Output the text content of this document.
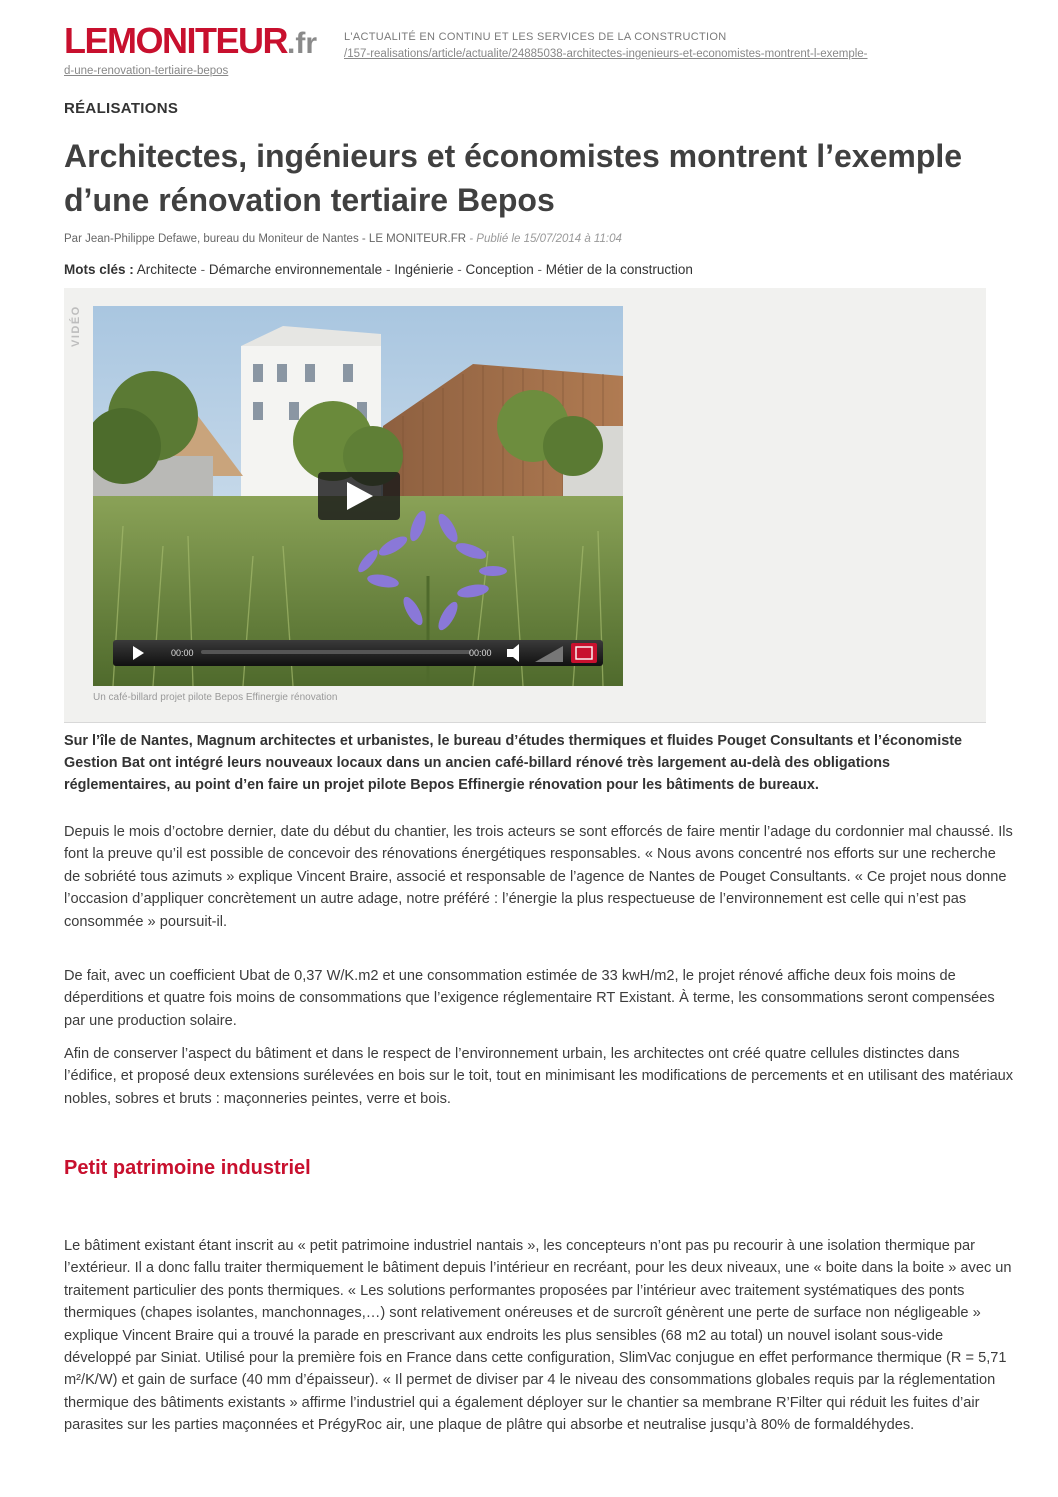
LEMONITEUR.fr L'ACTUALITÉ EN CONTINU ET LES SERVICES DE LA CONSTRUCTION
/157-realisations/article/actualite/24885038-architectes-ingenieurs-et-economistes-montrent-l-exemple-
d-une-renovation-tertiaire-bepos
RÉALISATIONS
Architectes, ingénieurs et économistes montrent l’exemple d’une rénovation tertiaire Bepos
Par Jean-Philippe Defawe, bureau du Moniteur de Nantes - LE MONITEUR.FR - Publié le 15/07/2014 à 11:04
Mots clés : Architecte - Démarche environnementale - Ingénierie - Conception - Métier de la construction
VIDÉO
00:00	00:00
Un café-billard projet pilote Bepos Effinergie rénovation

Sur l’île de Nantes, Magnum architectes et urbanistes, le bureau d’études thermiques et fluides Pouget Consultants et l’économiste Gestion Bat ont intégré leurs nouveaux locaux dans un ancien café-billard rénové très largement au-delà des obligations réglementaires, au point d’en faire un projet pilote Bepos Effinergie rénovation pour les bâtiments de bureaux.

Depuis le mois d’octobre dernier, date du début du chantier, les trois acteurs se sont efforcés de faire mentir l’adage du cordonnier mal chaussé. Ils font la preuve qu’il est possible de concevoir des rénovations énergétiques responsables. « Nous avons concentré nos efforts sur une recherche de sobriété tous azimuts » explique Vincent Braire, associé et responsable de l’agence de Nantes de Pouget Consultants. « Ce projet nous donne l’occasion d’appliquer concrètement un autre adage, notre préféré : l’énergie la plus respectueuse de l’environnement est celle qui n’est pas consommée » poursuit-il.

De fait, avec un coefficient Ubat de 0,37 W/K.m2 et une consommation estimée de 33 kwH/m2, le projet rénové affiche deux fois moins de déperditions et quatre fois moins de consommations que l’exigence réglementaire RT Existant. À terme, les consommations seront compensées par une production solaire.

Afin de conserver l’aspect du bâtiment et dans le respect de l’environnement urbain, les architectes ont créé quatre cellules distinctes dans l’édifice, et proposé deux extensions surélevées en bois sur le toit, tout en minimisant les modifications de percements et en utilisant des matériaux nobles, sobres et bruts : maçonneries peintes, verre et bois.

Petit patrimoine industriel

Le bâtiment existant étant inscrit au « petit patrimoine industriel nantais », les concepteurs n’ont pas pu recourir à une isolation thermique par l’extérieur. Il a donc fallu traiter thermiquement le bâtiment depuis l’intérieur en recréant, pour les deux niveaux, une « boite dans la boite » avec un traitement particulier des ponts thermiques. « Les solutions performantes proposées par l’intérieur avec traitement systématiques des ponts thermiques (chapes isolantes, manchonnages,…) sont relativement onéreuses et de surcroît génèrent une perte de surface non négligeable » explique Vincent Braire qui a trouvé la parade en prescrivant aux endroits les plus sensibles (68 m2 au total) un nouvel isolant sous-vide développé par Siniat. Utilisé pour la première fois en France dans cette configuration, SlimVac conjugue en effet performance thermique (R = 5,71 m²/K/W) et gain de surface (40 mm d’épaisseur). « Il permet de diviser par 4 le niveau des consommations globales requis par la réglementation thermique des bâtiments existants » affirme l’industriel qui a également déployer sur le chantier sa membrane R’Filter qui réduit les fuites d’air parasites sur les parties maçonnées et PrégyRoc air, une plaque de plâtre qui absorbe et neutralise jusqu’à 80% de formaldéhydes.
